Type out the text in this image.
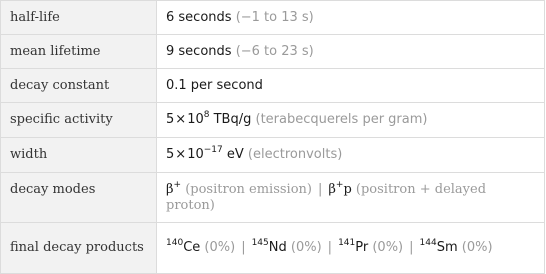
half-life	6 seconds (−1 to 13 s)
mean lifetime	9 seconds (−6 to 23 s)
decay constant	0.1 per second
specific activity	$5\times 10^8$ TBq/g (terabecquerels per gram)
width	$5\times 10^{-17}$ eV (electronvolts)
decay modes	β+ (positron emission) | β+p (positron + delayed proton)
final decay products	$^{140}$Ce (0%) | $^{145}$Nd (0%) | $^{141}$Pr (0%) | $^{144}$Sm (0%)
